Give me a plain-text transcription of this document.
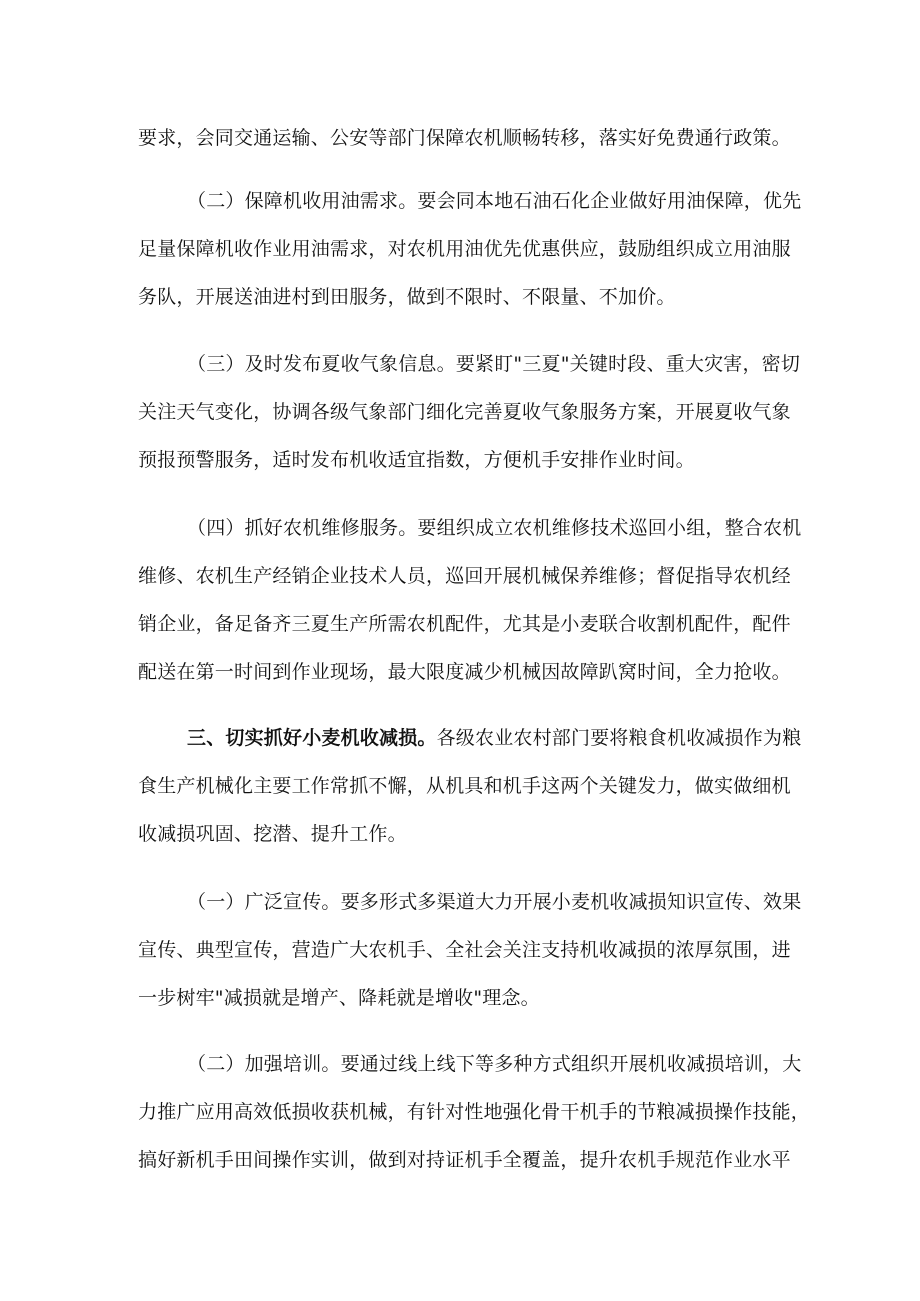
要求，会同交通运输、公安等部门保障农机顺畅转移，落实好免费通行政策。
（二）保障机收用油需求。要会同本地石油石化企业做好用油保障，优先
足量保障机收作业用油需求，对农机用油优先优惠供应，鼓励组织成立用油服
务队，开展送油进村到田服务，做到不限时、不限量、不加价。
（三）及时发布夏收气象信息。要紧盯"三夏"关键时段、重大灾害，密切
关注天气变化，协调各级气象部门细化完善夏收气象服务方案，开展夏收气象
预报预警服务，适时发布机收适宜指数，方便机手安排作业时间。
（四）抓好农机维修服务。要组织成立农机维修技术巡回小组，整合农机
维修、农机生产经销企业技术人员，巡回开展机械保养维修；督促指导农机经
销企业，备足备齐三夏生产所需农机配件，尤其是小麦联合收割机配件，配件
配送在第一时间到作业现场，最大限度减少机械因故障趴窝时间，全力抢收。
三、切实抓好小麦机收减损。各级农业农村部门要将粮食机收减损作为粮
食生产机械化主要工作常抓不懈，从机具和机手这两个关键发力，做实做细机
收减损巩固、挖潜、提升工作。
（一）广泛宣传。要多形式多渠道大力开展小麦机收减损知识宣传、效果
宣传、典型宣传，营造广大农机手、全社会关注支持机收减损的浓厚氛围，进
一步树牢"减损就是增产、降耗就是增收"理念。
（二）加强培训。要通过线上线下等多种方式组织开展机收减损培训，大
力推广应用高效低损收获机械，有针对性地强化骨干机手的节粮减损操作技能，
搞好新机手田间操作实训，做到对持证机手全覆盖，提升农机手规范作业水平
